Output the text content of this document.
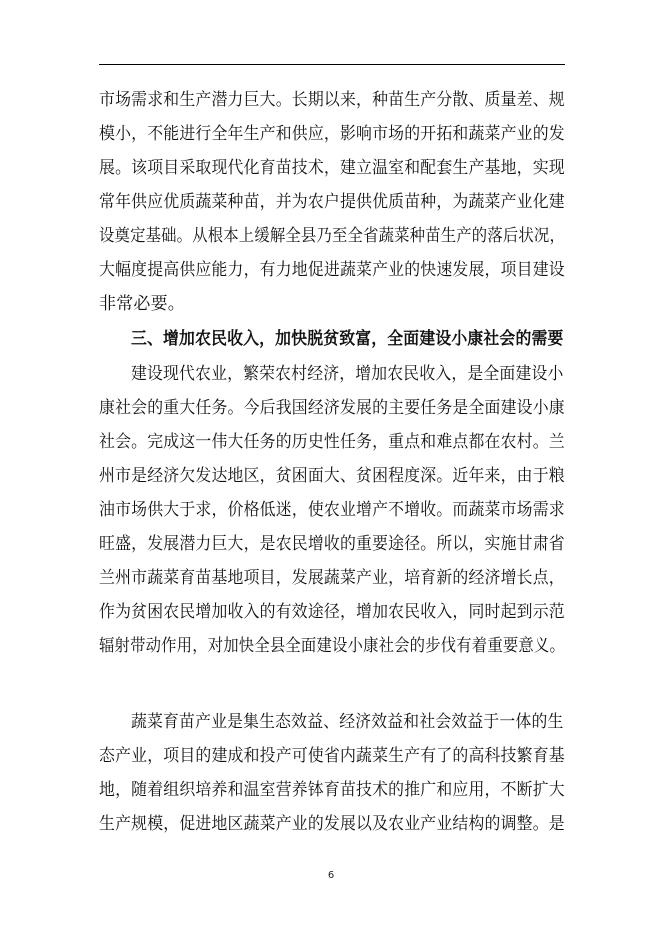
市场需求和生产潜力巨大。长期以来，种苗生产分散、质量差、规
模小，不能进行全年生产和供应，影响市场的开拓和蔬菜产业的发
展。该项目采取现代化育苗技术，建立温室和配套生产基地，实现
常年供应优质蔬菜种苗，并为农户提供优质苗种，为蔬菜产业化建
设奠定基础。从根本上缓解全县乃至全省蔬菜种苗生产的落后状况，
大幅度提高供应能力，有力地促进蔬菜产业的快速发展，项目建设
非常必要。
三、增加农民收入，加快脱贫致富，全面建设小康社会的需要
建设现代农业，繁荣农村经济，增加农民收入，是全面建设小
康社会的重大任务。今后我国经济发展的主要任务是全面建设小康
社会。完成这一伟大任务的历史性任务，重点和难点都在农村。兰
州市是经济欠发达地区，贫困面大、贫困程度深。近年来，由于粮
油市场供大于求，价格低迷，使农业增产不增收。而蔬菜市场需求
旺盛，发展潜力巨大，是农民增收的重要途径。所以，实施甘肃省
兰州市蔬菜育苗基地项目，发展蔬菜产业，培育新的经济增长点，
作为贫困农民增加收入的有效途径，增加农民收入，同时起到示范
辐射带动作用，对加快全县全面建设小康社会的步伐有着重要意义。
蔬菜育苗产业是集生态效益、经济效益和社会效益于一体的生
态产业，项目的建成和投产可使省内蔬菜生产有了的高科技繁育基
地，随着组织培养和温室营养钵育苗技术的推广和应用，不断扩大
生产规模，促进地区蔬菜产业的发展以及农业产业结构的调整。是
6
